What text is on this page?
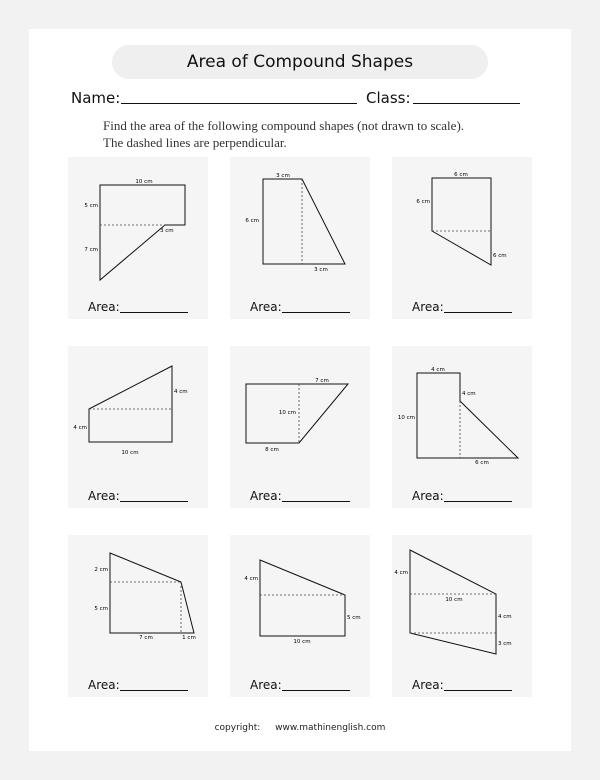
Area of Compound Shapes
Name:	Class:
Find the area of the following compound shapes (not drawn to scale).
The dashed lines are perpendicular.
10 cm
5 cm
3 cm
7 cm
Area:
3 cm
6 cm
3 cm
Area:
6 cm
6 cm
6 cm
Area:
4 cm
4 cm
10 cm
Area:
7 cm
10 cm
8 cm
Area:
4 cm
4 cm
10 cm
6 cm
Area:
2 cm
5 cm
7 cm	1 cm
Area:
4 cm
5 cm
10 cm
Area:
4 cm
10 cm
4 cm
3 cm
Area:
copyright: www.mathinenglish.com
